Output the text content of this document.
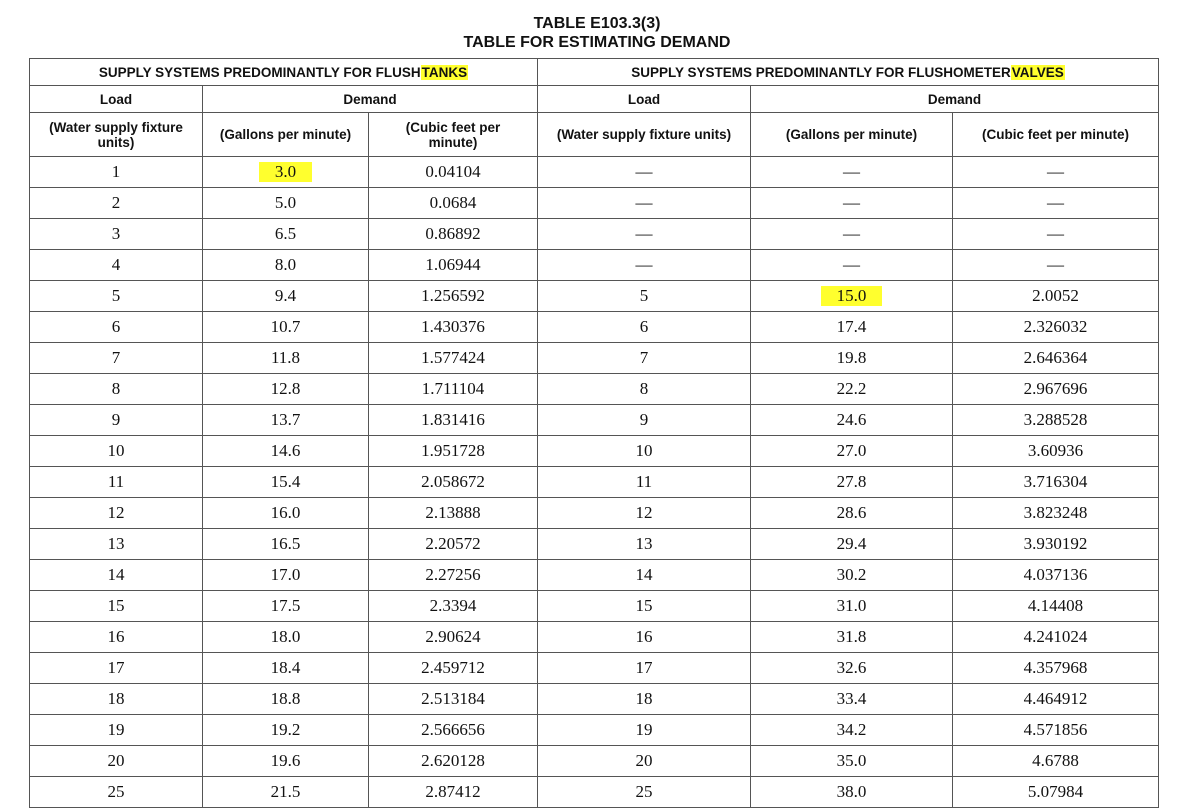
TABLE E103.3(3)
TABLE FOR ESTIMATING DEMAND
SUPPLY SYSTEMS PREDOMINANTLY FOR FLUSHTANKS			SUPPLY SYSTEMS PREDOMINANTLY FOR FLUSHOMETERVALVES		
Load	Demand		Load	Demand	
(Water supply fixture units)	(Gallons per minute)	(Cubic feet per minute)	(Water supply fixture units)	(Gallons per minute)	(Cubic feet per minute)
1	3.0	0.04104	—	—	—
2	5.0	0.0684	—	—	—
3	6.5	0.86892	—	—	—
4	8.0	1.06944	—	—	—
5	9.4	1.256592	5	15.0	2.0052
6	10.7	1.430376	6	17.4	2.326032
7	11.8	1.577424	7	19.8	2.646364
8	12.8	1.711104	8	22.2	2.967696
9	13.7	1.831416	9	24.6	3.288528
10	14.6	1.951728	10	27.0	3.60936
11	15.4	2.058672	11	27.8	3.716304
12	16.0	2.13888	12	28.6	3.823248
13	16.5	2.20572	13	29.4	3.930192
14	17.0	2.27256	14	30.2	4.037136
15	17.5	2.3394	15	31.0	4.14408
16	18.0	2.90624	16	31.8	4.241024
17	18.4	2.459712	17	32.6	4.357968
18	18.8	2.513184	18	33.4	4.464912
19	19.2	2.566656	19	34.2	4.571856
20	19.6	2.620128	20	35.0	4.6788
25	21.5	2.87412	25	38.0	5.07984
